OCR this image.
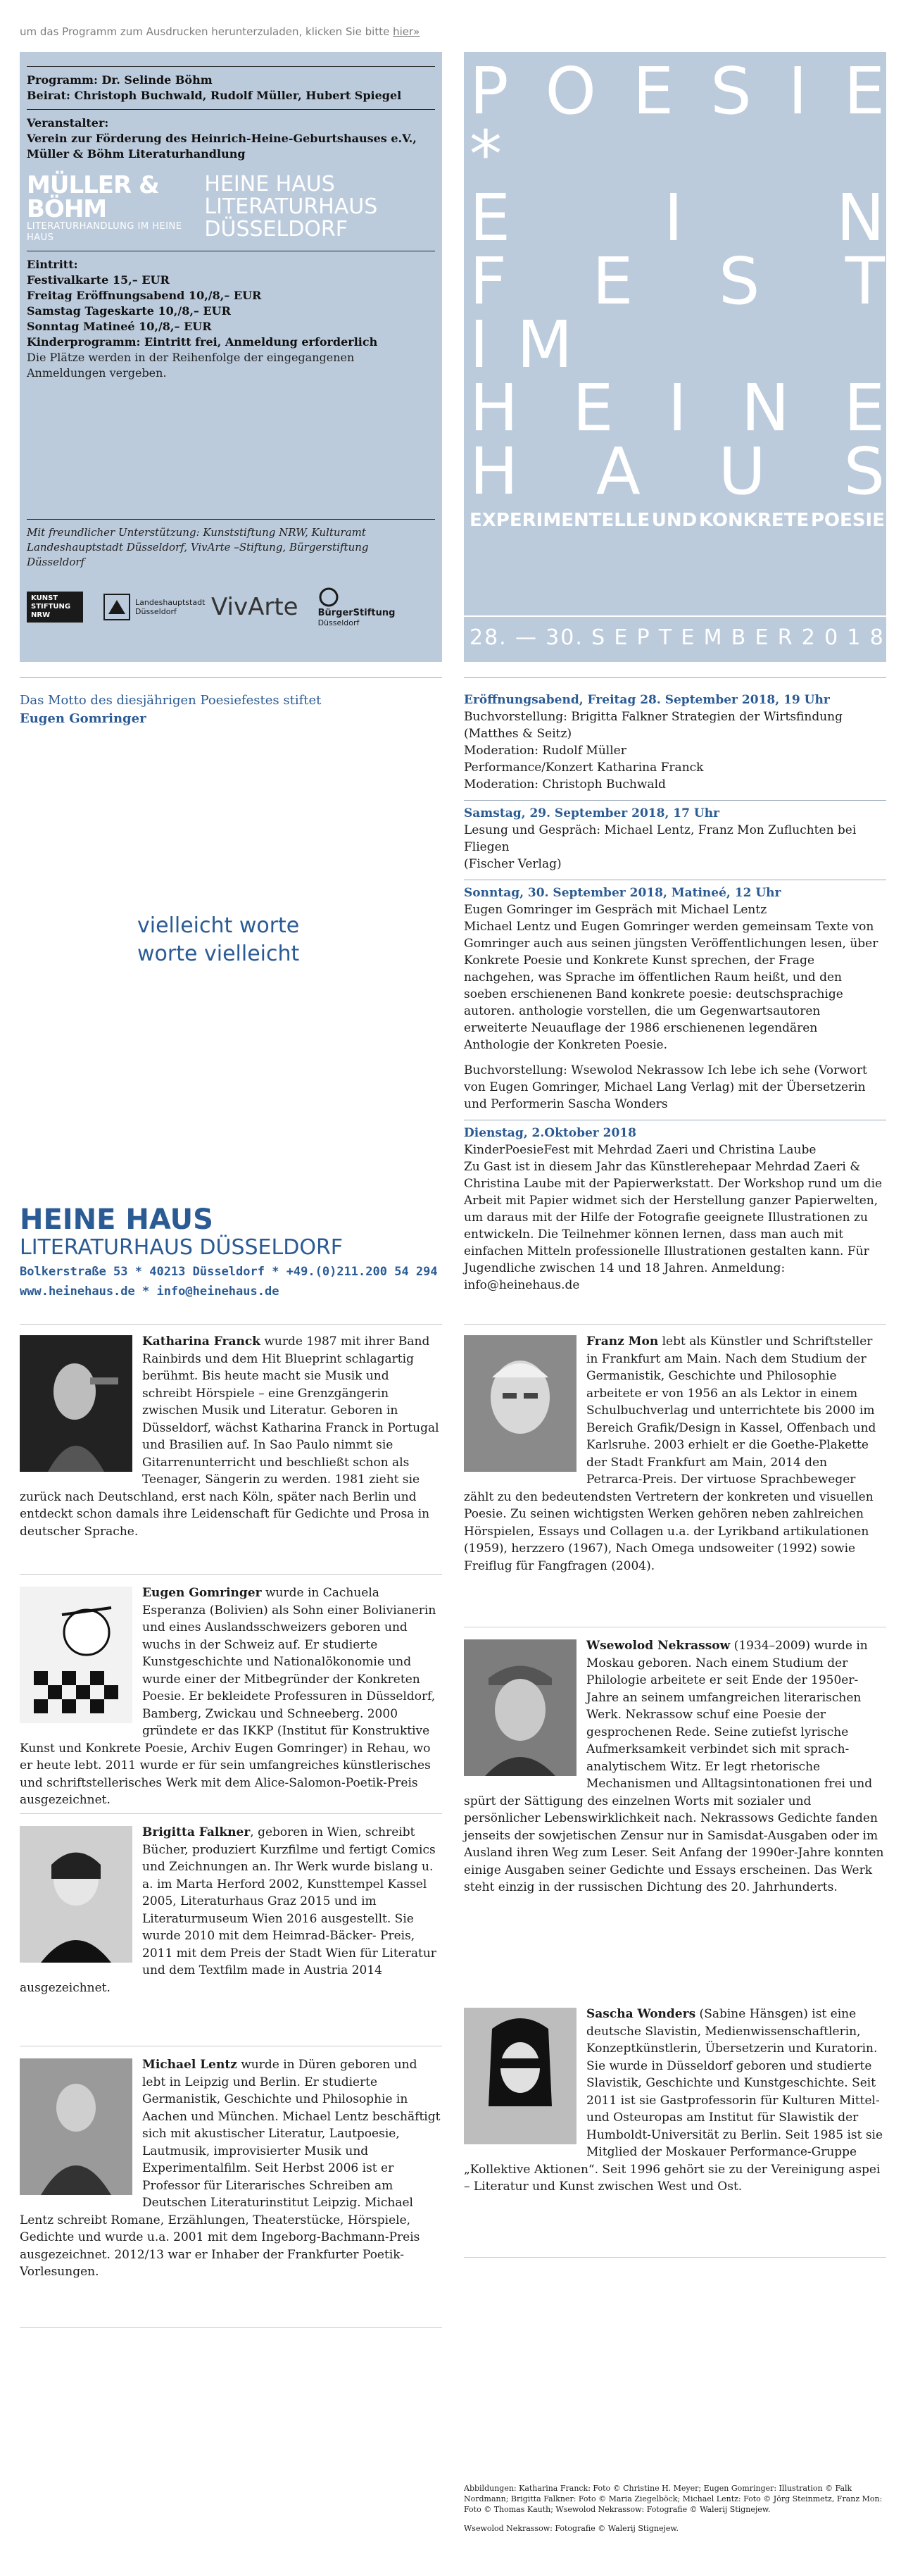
um das Programm zum Ausdrucken herunterzuladen, klicken Sie bitte hier»
Programm: Dr. Selinde Böhm
Beirat: Christoph Buchwald, Rudolf Müller, Hubert Spiegel
Veranstalter:
Verein zur Förderung des Heinrich-Heine-Geburtshauses e.V.,
Müller & Böhm Literaturhandlung
MÜLLER & BÖHM
LITERATURHANDLUNG IM HEINE HAUS
HEINE HAUS
LITERATURHAUS DÜSSELDORF
Eintritt:
Festivalkarte 15,– EUR
Freitag Eröffnungsabend 10,/8,– EUR
Samstag Tageskarte 10,/8,– EUR
Sonntag Matineé 10,/8,– EUR
Kinderprogramm: Eintritt frei, Anmeldung erforderlich
Die Plätze werden in der Reihenfolge der eingegangenen Anmeldungen vergeben.
Mit freundlicher Unterstützung: Kunststiftung NRW, Kulturamt Landeshauptstadt Düsseldorf, VivArte –Stiftung, Bürgerstiftung Düsseldorf
KUNST STIFTUNG NRW
Landeshauptstadt Düsseldorf	VivArte BürgerStiftung
Düsseldorf
P O E S I E
*
E I N
F E S T
I M
H E I N E
H A U S
EXPERIMENTELLE UND KONKRETE POESIE
28. — 30. S E P T E M B E R 2 0 1 8
Das Motto des diesjährigen Poesiefestes stiftet
Eugen Gomringer
vielleicht worte
worte vielleicht
HEINE HAUS
LITERATURHAUS DÜSSELDORF
Bolkerstraße 53 * 40213 Düsseldorf * +49.(0)211.200 54 294
www.heinehaus.de * info@heinehaus.de
Eröffnungsabend, Freitag 28. September 2018, 19 Uhr
Buchvorstellung: Brigitta Falkner Strategien der Wirtsfindung
(Matthes & Seitz)
Moderation: Rudolf Müller
Performance/Konzert Katharina Franck
Moderation: Christoph Buchwald
Samstag, 29. September 2018, 17 Uhr
Lesung und Gespräch: Michael Lentz, Franz Mon Zufluchten bei Fliegen
(Fischer Verlag)
Sonntag, 30. September 2018, Matineé, 12 Uhr
Eugen Gomringer im Gespräch mit Michael Lentz
Michael Lentz und Eugen Gomringer werden gemeinsam Texte von Gomringer auch aus seinen jüngsten Veröffentlichungen lesen, über Konkrete Poesie und Konkrete Kunst sprechen, der Frage nachgehen, was Sprache im öffentlichen Raum heißt, und den soeben erschienenen Band konkrete poesie: deutschsprachige autoren. anthologie vorstellen, die um Gegenwartsautoren erweiterte Neuauflage der 1986 erschienenen legendären Anthologie der Konkreten Poesie.
Buchvorstellung: Wsewolod Nekrassow Ich lebe ich sehe (Vorwort von Eugen Gomringer, Michael Lang Verlag) mit der Übersetzerin und Performerin Sascha Wonders
Dienstag, 2.Oktober 2018
KinderPoesieFest mit Mehrdad Zaeri und Christina Laube
Zu Gast ist in diesem Jahr das Künstlerehepaar Mehrdad Zaeri & Christina Laube mit der Papierwerkstatt. Der Workshop rund um die Arbeit mit Papier widmet sich der Herstellung ganzer Papierwelten, um daraus mit der Hilfe der Fotografie geeignete Illustrationen zu entwickeln. Die Teilnehmer können lernen, dass man auch mit einfachen Mitteln professionelle Illustrationen gestalten kann. Für Jugendliche zwischen 14 und 18 Jahren. Anmeldung: info@heinehaus.de
Katharina Franck wurde 1987 mit ihrer Band Rainbirds und dem Hit Blueprint schlagartig berühmt. Bis heute macht sie Musik und schreibt Hörspiele – eine Grenzgängerin zwischen Musik und Literatur. Geboren in Düsseldorf, wächst Katharina Franck in Portugal und Brasilien auf. In Sao Paulo nimmt sie Gitarrenunterricht und beschließt schon als Teenager, Sängerin zu werden. 1981 zieht sie zurück nach Deutschland, erst nach Köln, später nach Berlin und entdeckt schon damals ihre Leidenschaft für Gedichte und Prosa in deutscher Sprache.
Eugen Gomringer wurde in Cachuela Esperanza (Bolivien) als Sohn einer Bolivianerin und eines Auslandsschweizers geboren und wuchs in der Schweiz auf. Er studierte Kunstgeschichte und Nationalökonomie und wurde einer der Mitbegründer der Konkreten Poesie. Er bekleidete Professuren in Düsseldorf, Bamberg, Zwickau und Schneeberg. 2000 gründete er das IKKP (Institut für Konstruktive Kunst und Konkrete Poesie, Archiv Eugen Gomringer) in Rehau, wo er heute lebt. 2011 wurde er für sein umfangreiches künstlerisches und schriftstellerisches Werk mit dem Alice-Salomon-Poetik-Preis ausgezeichnet.
Brigitta Falkner, geboren in Wien, schreibt Bücher, produziert Kurzfilme und fertigt Comics und Zeichnungen an. Ihr Werk wurde bislang u. a. im Marta Herford 2002, Kunsttempel Kassel 2005, Literaturhaus Graz 2015 und im Literaturmuseum Wien 2016 ausgestellt. Sie wurde 2010 mit dem Heimrad-Bäcker- Preis, 2011 mit dem Preis der Stadt Wien für Literatur und dem Textfilm made in Austria 2014 ausgezeichnet.
Michael Lentz wurde in Düren geboren und lebt in Leipzig und Berlin. Er studierte Germanistik, Geschichte und Philosophie in Aachen und München. Michael Lentz beschäftigt sich mit akustischer Literatur, Lautpoesie, Lautmusik, improvisierter Musik und Experimentalfilm. Seit Herbst 2006 ist er Professor für Literarisches Schreiben am Deutschen Literaturinstitut Leipzig. Michael Lentz schreibt Romane, Erzählungen, Theaterstücke, Hörspiele, Gedichte und wurde u.a. 2001 mit dem Ingeborg-Bachmann-Preis ausgezeichnet. 2012/13 war er Inhaber der Frankfurter Poetik-Vorlesungen.
Franz Mon lebt als Künstler und Schriftsteller in Frankfurt am Main. Nach dem Studium der Germanistik, Geschichte und Philosophie arbeitete er von 1956 an als Lektor in einem Schulbuchverlag und unterrichtete bis 2000 im Bereich Grafik/Design in Kassel, Offenbach und Karlsruhe. 2003 erhielt er die Goethe-Plakette der Stadt Frankfurt am Main, 2014 den Petrarca-Preis. Der virtuose Sprachbeweger zählt zu den bedeutendsten Vertretern der konkreten und visuellen Poesie. Zu seinen wichtigsten Werken gehören neben zahlreichen Hörspielen, Essays und Collagen u.a. der Lyrikband artikulationen (1959), herzzero (1967), Nach Omega undsoweiter (1992) sowie Freiflug für Fangfragen (2004).
Wsewolod Nekrassow (1934–2009) wurde in Moskau geboren. Nach einem Studium der Philologie arbeitete er seit Ende der 1950er-Jahre an seinem umfangreichen literarischen Werk. Nekrassow schuf eine Poesie der gesprochenen Rede. Seine zutiefst lyrische Aufmerksamkeit verbindet sich mit sprach-analytischem Witz. Er legt rhetorische Mechanismen und Alltagsintonationen frei und spürt der Sättigung des einzelnen Worts mit sozialer und persönlicher Lebenswirklichkeit nach. Nekrassows Gedichte fanden jenseits der sowjetischen Zensur nur in Samisdat-Ausgaben oder im Ausland ihren Weg zum Leser. Seit Anfang der 1990er-Jahre konnten einige Ausgaben seiner Gedichte und Essays erscheinen. Das Werk steht einzig in der russischen Dichtung des 20. Jahrhunderts.
Sascha Wonders (Sabine Hänsgen) ist eine deutsche Slavistin, Medienwissenschaftlerin, Konzeptkünstlerin, Übersetzerin und Kuratorin. Sie wurde in Düsseldorf geboren und studierte Slavistik, Geschichte und Kunstgeschichte. Seit 2011 ist sie Gastprofessorin für Kulturen Mittel- und Osteuropas am Institut für Slawistik der Humboldt-Universität zu Berlin. Seit 1985 ist sie Mitglied der Moskauer Performance-Gruppe „Kollektive Aktionen“. Seit 1996 gehört sie zu der Vereinigung aspei – Literatur und Kunst zwischen West und Ost.
Abbildungen: Katharina Franck: Foto © Christine H. Meyer; Eugen Gomringer: Illustration © Falk Nordmann; Brigitta Falkner: Foto © Maria Ziegelböck; Michael Lentz: Foto © Jörg Steinmetz, Franz Mon: Foto © Thomas Kauth; Wsewolod Nekrassow: Fotografie © Walerij Stignejew.
Wsewolod Nekrassow: Fotografie © Walerij Stignejew.
